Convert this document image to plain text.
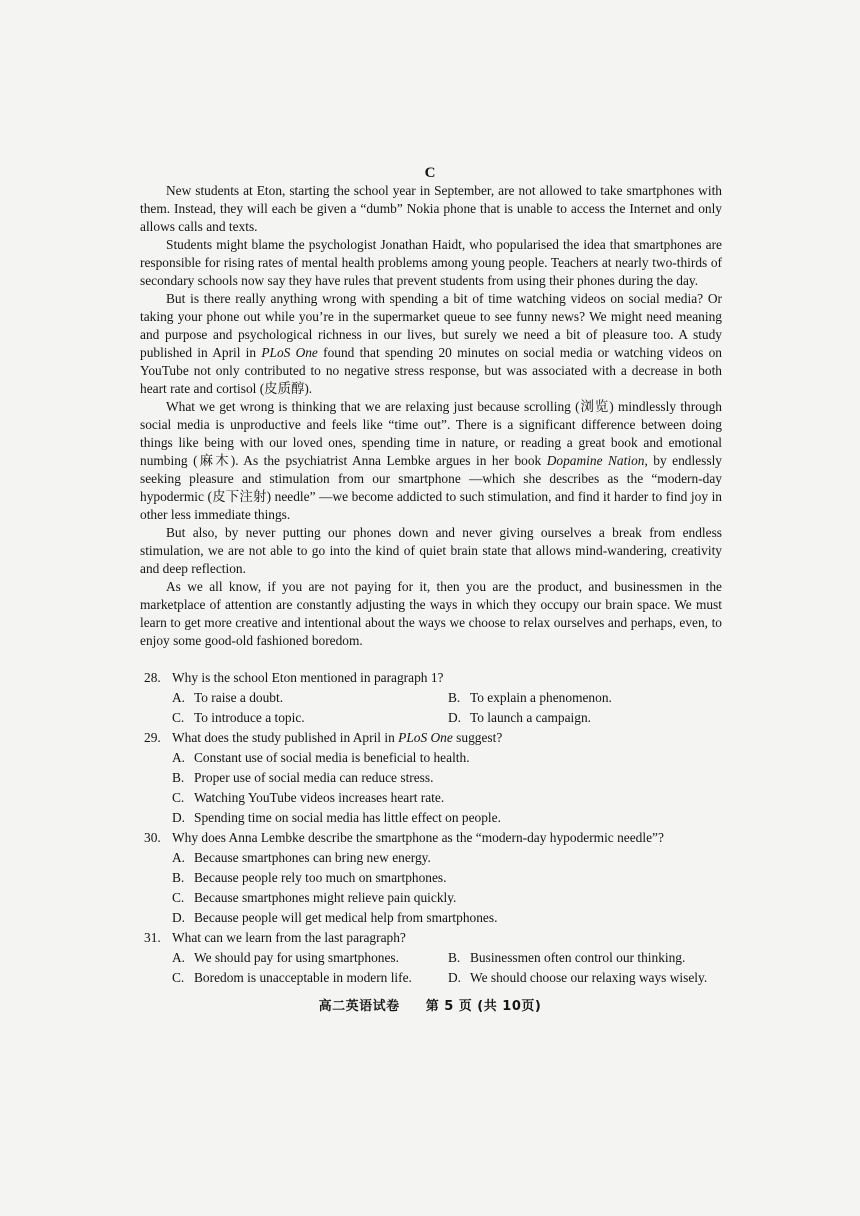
C

New students at Eton, starting the school year in September, are not allowed to take smartphones with them. Instead, they will each be given a “dumb” Nokia phone that is unable to access the Internet and only allows calls and texts.

Students might blame the psychologist Jonathan Haidt, who popularised the idea that smartphones are responsible for rising rates of mental health problems among young people. Teachers at nearly two-thirds of secondary schools now say they have rules that prevent students from using their phones during the day.

But is there really anything wrong with spending a bit of time watching videos on social media? Or taking your phone out while you’re in the supermarket queue to see funny news? We might need meaning and purpose and psychological richness in our lives, but surely we need a bit of pleasure too. A study published in April in PLoS One found that spending 20 minutes on social media or watching videos on YouTube not only contributed to no negative stress response, but was associated with a decrease in both heart rate and cortisol (皮质醇).

What we get wrong is thinking that we are relaxing just because scrolling (浏览) mindlessly through social media is unproductive and feels like “time out”. There is a significant difference between doing things like being with our loved ones, spending time in nature, or reading a great book and emotional numbing (麻木). As the psychiatrist Anna Lembke argues in her book Dopamine Nation, by endlessly seeking pleasure and stimulation from our smartphone —which she describes as the “modern-day hypodermic (皮下注射) needle” —we become addicted to such stimulation, and find it harder to find joy in other less immediate things.

But also, by never putting our phones down and never giving ourselves a break from endless stimulation, we are not able to go into the kind of quiet brain state that allows mind-wandering, creativity and deep reflection.

As we all know, if you are not paying for it, then you are the product, and businessmen in the marketplace of attention are constantly adjusting the ways in which they occupy our brain space. We must learn to get more creative and intentional about the ways we choose to relax ourselves and perhaps, even, to enjoy some good-old fashioned boredom.

28. Why is the school Eton mentioned in paragraph 1?
A. To raise a doubt.	B. To explain a phenomenon.
C. To introduce a topic.	D. To launch a campaign.
29. What does the study published in April in PLoS One suggest?
A. Constant use of social media is beneficial to health.
B. Proper use of social media can reduce stress.
C. Watching YouTube videos increases heart rate.
D. Spending time on social media has little effect on people.
30. Why does Anna Lembke describe the smartphone as the “modern-day hypodermic needle”?
A. Because smartphones can bring new energy.
B. Because people rely too much on smartphones.
C. Because smartphones might relieve pain quickly.
D. Because people will get medical help from smartphones.
31. What can we learn from the last paragraph?
A. We should pay for using smartphones.	B. Businessmen often control our thinking.
C. Boredom is unacceptable in modern life.	D. We should choose our relaxing ways wisely.
高二英语试卷 第 5 页 (共 10页)
